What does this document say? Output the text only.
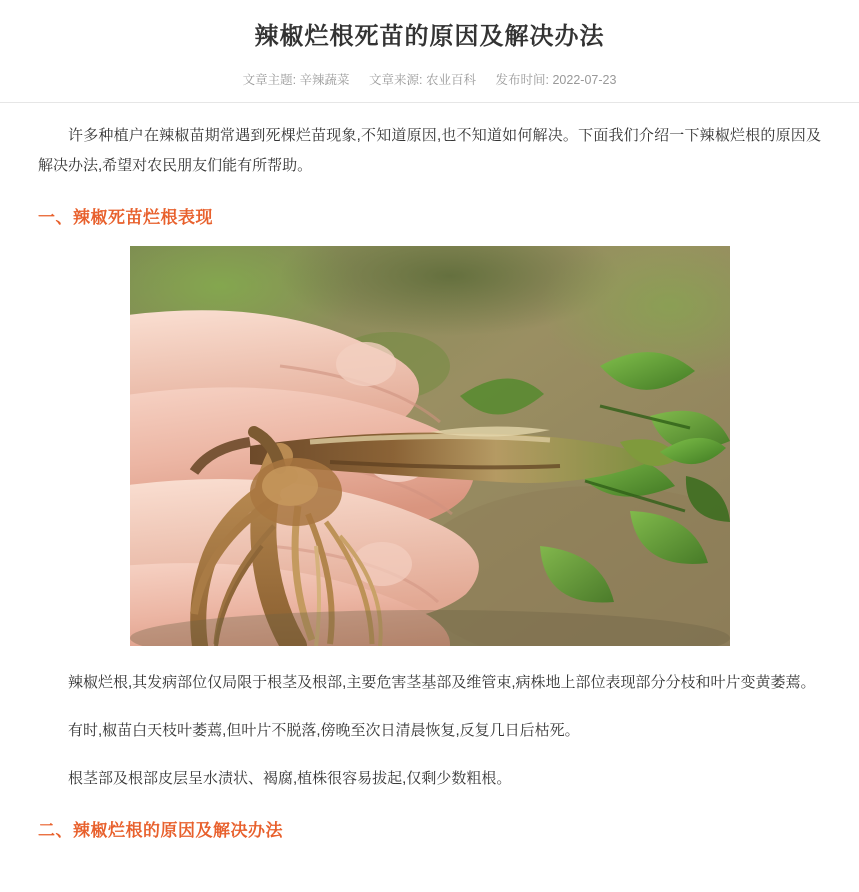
辣椒烂根死苗的原因及解决办法
文章主题: 辛辣蔬菜 文章来源: 农业百科 发布时间: 2022-07-23

许多种植户在辣椒苗期常遇到死棵烂苗现象,不知道原因,也不知道如何解决。下面我们介绍一下辣椒烂根的原因及解决办法,希望对农民朋友们能有所帮助。

一、辣椒死苗烂根表现

辣椒烂根,其发病部位仅局限于根茎及根部,主要危害茎基部及维管束,病株地上部位表现部分分枝和叶片变黄萎蔫。

有时,椒苗白天枝叶萎蔫,但叶片不脱落,傍晚至次日清晨恢复,反复几日后枯死。

根茎部及根部皮层呈水渍状、褐腐,植株很容易拔起,仅剩少数粗根。

二、辣椒烂根的原因及解决办法
